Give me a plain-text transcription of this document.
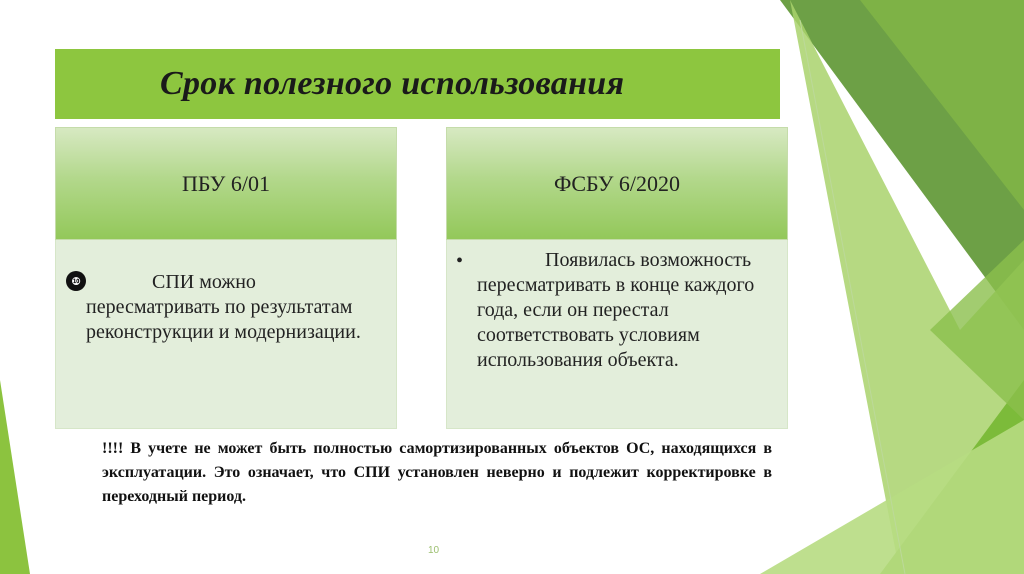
Срок полезного использования
ПБУ 6/01
❿	СПИ можно пересматривать по результатам реконструкции и модернизации.
ФСБУ 6/2020
•	Появилась возможность пересматривать в конце каждого года, если он перестал соответствовать условиям использования объекта.
!!!! В учете не может быть полностью самортизированных объектов ОС, находящихся в эксплуатации. Это означает, что СПИ установлен неверно и подлежит корректировке в переходный период.
10
